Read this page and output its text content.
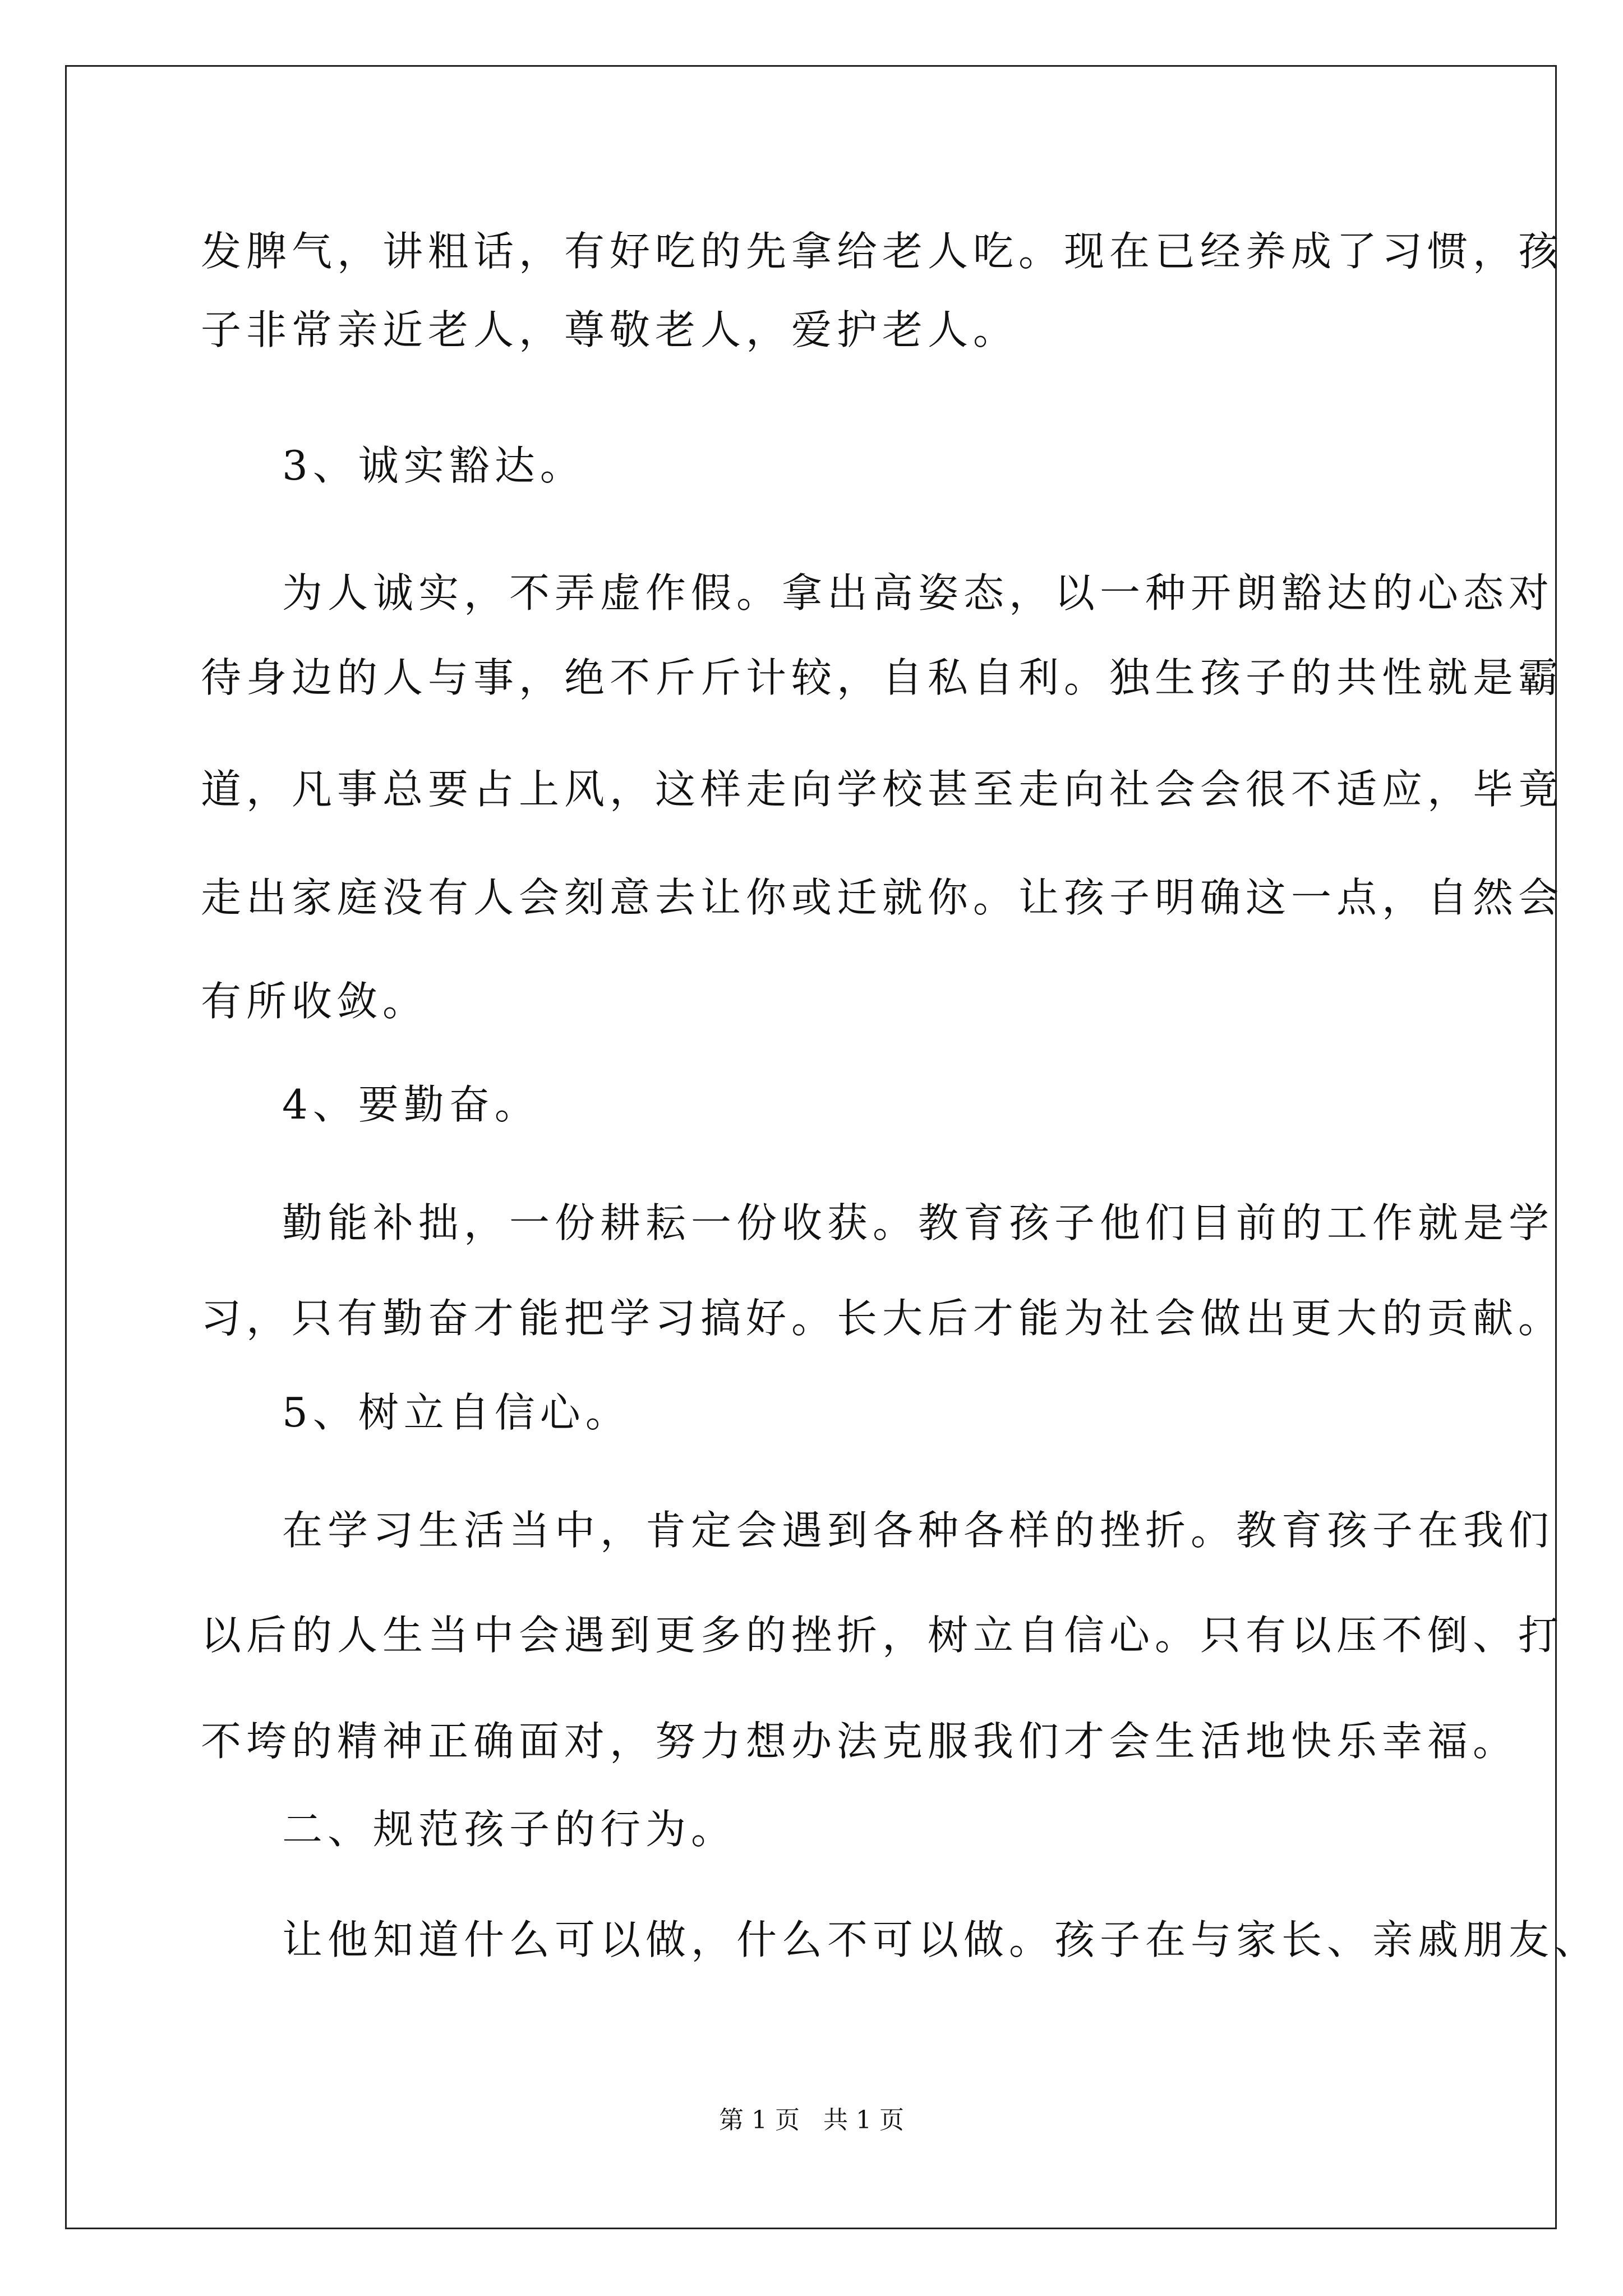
发脾气，讲粗话，有好吃的先拿给老人吃。现在已经养成了习惯，孩

子非常亲近老人，尊敬老人，爱护老人。

3、诚实豁达。

为人诚实，不弄虚作假。拿出高姿态，以一种开朗豁达的心态对

待身边的人与事，绝不斤斤计较，自私自利。独生孩子的共性就是霸

道，凡事总要占上风，这样走向学校甚至走向社会会很不适应，毕竟

走出家庭没有人会刻意去让你或迁就你。让孩子明确这一点，自然会

有所收敛。

4、要勤奋。

勤能补拙，一份耕耘一份收获。教育孩子他们目前的工作就是学

习，只有勤奋才能把学习搞好。长大后才能为社会做出更大的贡献。

5、树立自信心。

在学习生活当中，肯定会遇到各种各样的挫折。教育孩子在我们

以后的人生当中会遇到更多的挫折，树立自信心。只有以压不倒、打

不垮的精神正确面对，努力想办法克服我们才会生活地快乐幸福。

二、规范孩子的行为。

让他知道什么可以做，什么不可以做。孩子在与家长、亲戚朋友、

第 1 页   共 1 页
